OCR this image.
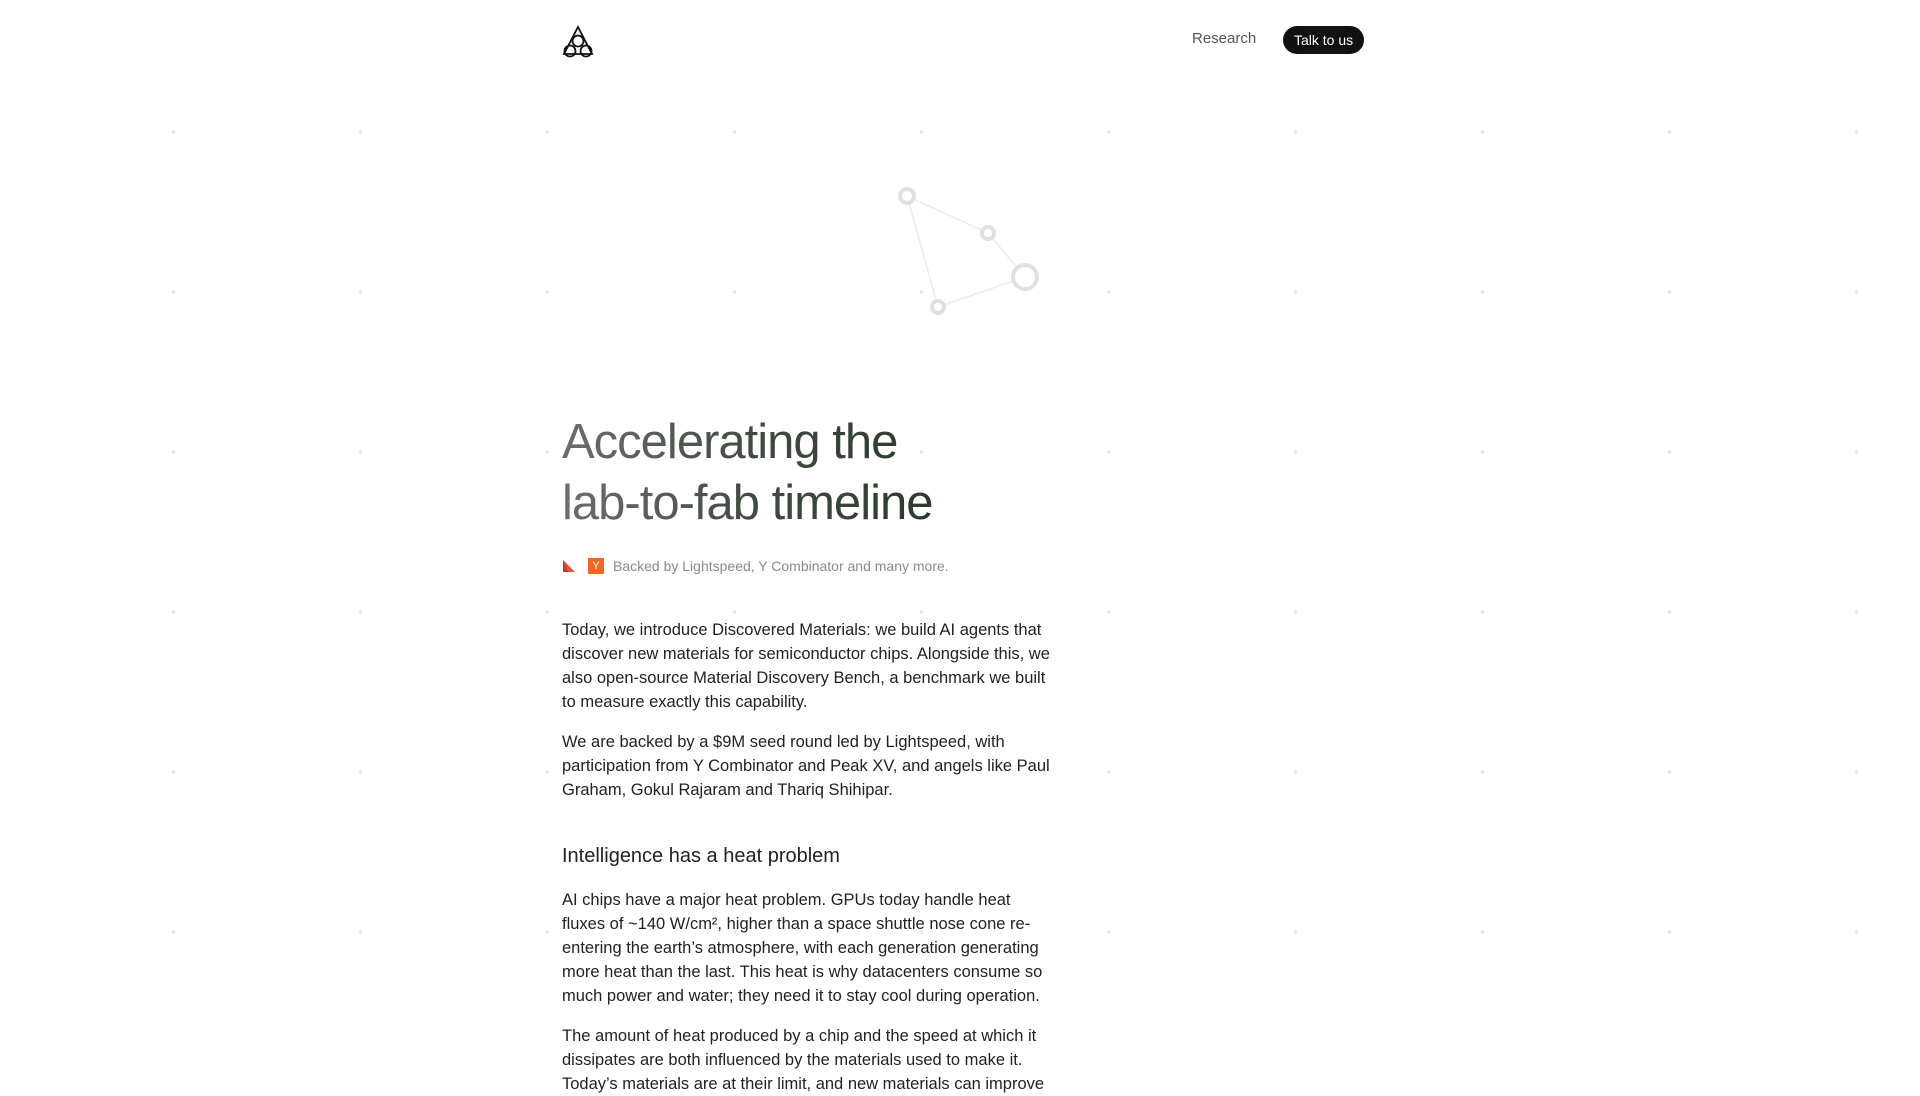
Research	Talk to us
Accelerating the
lab-to-fab timeline
Y Backed by Lightspeed, Y Combinator and many more.

Today, we introduce Discovered Materials: we build AI agents that discover new materials for semiconductor chips. Alongside this, we also open-source Material Discovery Bench, a benchmark we built to measure exactly this capability.

We are backed by a $9M seed round led by Lightspeed, with participation from Y Combinator and Peak XV, and angels like Paul Graham, Gokul Rajaram and Thariq Shihipar.

Intelligence has a heat problem

AI chips have a major heat problem. GPUs today handle heat fluxes of ~140 W/cm², higher than a space shuttle nose cone re-entering the earth’s atmosphere, with each generation generating more heat than the last. This heat is why datacenters consume so much power and water; they need it to stay cool during operation.

The amount of heat produced by a chip and the speed at which it dissipates are both influenced by the materials used to make it. Today’s materials are at their limit, and new materials can improve
